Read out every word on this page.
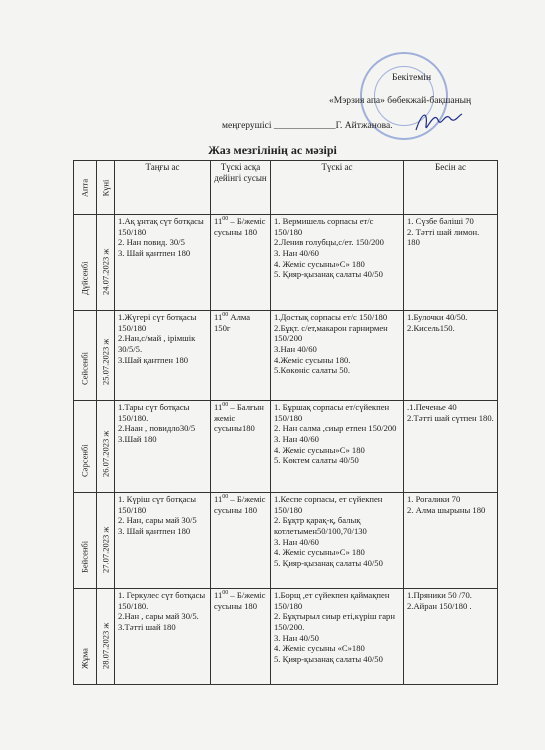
Бекітемін
«Мэрзия апа» бөбекжай-бақшаның
меңгерушісі _____________Г. Айтжанова.
Жаз мезгілінің ас мәзірі
Апта	Күні	Таңғы ас	Түскі асқа дейінгі сусын	Түскі ас	Бесін ас

Дүйсенбі	24.07.2023 ж	1.Ақ ұнтақ сүт ботқасы 150/180
2. Нан повид. 30/5
3. Шай қантпен 180	$11^{00}$ – Б/жеміс сусыны 180	1. Вермишель сорпасы ет/с 150/180
2.Ленив голубцы,с/ет. 150/200
3. Нан 40/60
4. Жеміс сусыны»С» 180
5. Қияр-қызанақ салаты 40/50	1. Сүзбе бәліші 70
2. Тәтті шай лимон. 180

Сейсенбі	25.07.2023 ж	1.Жүгері сүт ботқасы 150/180
2.Нан,с/май , ірімшік 30/5/5.
3.Шай қантпен 180	$11^{00}$ Алма 150г	1.Достық сорпасы ет/с 150/180
2.Бұқт. с/ет,макарон гарнирмен 150/200
3.Нан 40/60
4.Жеміс сусыны 180.
5.Көкөніс салаты 50.	1.Булочки 40/50.
2.Кисель150.

Сәрсенбі	26.07.2023 ж	1.Тары сүт ботқасы 150/180.
2.Наан , повидло30/5
3.Шай 180	$11^{00}$ – Балғын жеміс сусыны180	1. Бұршақ сорпасы ет/сүйекпен 150/180
2. Нан салма ,сиыр етпен 150/200
3. Нан 40/60
4. Жеміс сусыны»С» 180
5. Көктем салаты 40/50	.1.Печенье 40
2.Тәтті шай сүтпен 180.

Бейсенбі	27.07.2023 ж	1. Күріш сүт ботқасы 150/180
2. Нан, сары май 30/5
3. Шай қантпен 180	$11^{00}$ – Б/жеміс сусыны 180	1.Кеспе сорпасы, ет сүйекпен 150/180
2. Бұқтр қарақ-қ, балық котлетымен50/100,70/130
3. Нан 40/60
4. Жеміс сусыны»С» 180
5. Қияр-қызанақ салаты 40/50	1. Рогалики 70
2. Алма шырыны 180

Жұма	28.07.2023 ж	1. Геркулес сүт ботқасы 150/180.
2.Нан , сары май 30/5.
3.Тәтті шай 180	$11^{00}$ – Б/жеміс сусыны 180	1.Борщ ,ет сүйекпен қаймақпен 150/180
2. Бұқтырыл сиыр еті,күріш гарн 150/200.
3. Нан 40/50
4. Жеміс сусыны «С»180
5. Қияр-қызанақ салаты 40/50	1.Пряники 50 /70.
2.Айран 150/180 .
